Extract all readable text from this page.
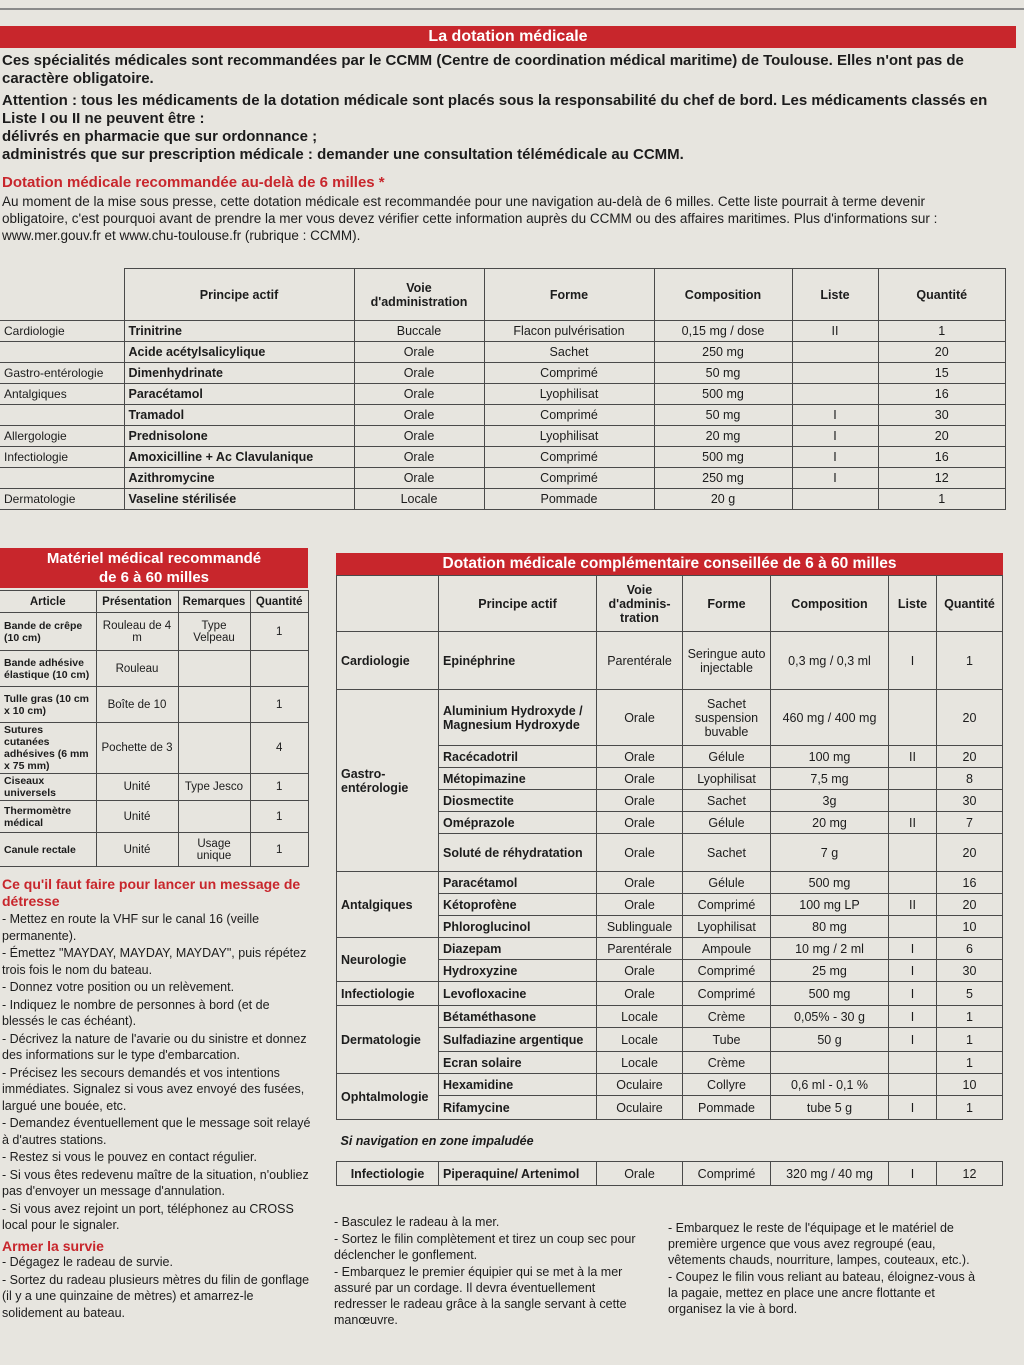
La dotation médicale
Ces spécialités médicales sont recommandées par le CCMM (Centre de coordination médical maritime) de Toulouse. Elles n'ont pas de caractère obligatoire.
Attention : tous les médicaments de la dotation médicale sont placés sous la responsabilité du chef de bord. Les médicaments classés en Liste I ou II ne peuvent être :
délivrés en pharmacie que sur ordonnance ;
administrés que sur prescription médicale : demander une consultation télémédicale au CCMM.
Dotation médicale recommandée au-delà de 6 milles *
Au moment de la mise sous presse, cette dotation médicale est recommandée pour une navigation au-delà de 6 milles. Cette liste pourrait à terme devenir obligatoire, c'est pourquoi avant de prendre la mer vous devez vérifier cette information auprès du CCMM ou des affaires maritimes. Plus d'informations sur : www.mer.gouv.fr et www.chu-toulouse.fr (rubrique : CCMM).
	Principe actif	Voie d'administration	Forme	Composition	Liste	Quantité
Cardiologie	Trinitrine	Buccale	Flacon pulvérisation	0,15 mg / dose	II	1
	Acide acétylsalicylique	Orale	Sachet	250 mg		20
Gastro-entérologie	Dimenhydrinate	Orale	Comprimé	50 mg		15
Antalgiques	Paracétamol	Orale	Lyophilisat	500 mg		16
	Tramadol	Orale	Comprimé	50 mg	I	30
Allergologie	Prednisolone	Orale	Lyophilisat	20 mg	I	20
Infectiologie	Amoxicilline + Ac Clavulanique	Orale	Comprimé	500 mg	I	16
	Azithromycine	Orale	Comprimé	250 mg	I	12
Dermatologie	Vaseline stérilisée	Locale	Pommade	20 g		1
Matériel médical recommandé
de 6 à 60 milles
Article	Présentation	Remarques	Quantité
Bande de crêpe (10 cm)	Rouleau de 4 m	Type Velpeau	1
Bande adhésive élastique (10 cm)	Rouleau		
Tulle gras (10 cm x 10 cm)	Boîte de 10		1
Sutures cutanées adhésives (6 mm x 75 mm)	Pochette de 3		4
Ciseaux universels	Unité	Type Jesco	1
Thermomètre médical	Unité		1
Canule rectale	Unité	Usage unique	1
Dotation médicale complémentaire conseillée de 6 à 60 milles
	Principe actif	Voie d'adminis-tration	Forme	Composition	Liste	Quantité
Cardiologie	Epinéphrine	Parentérale	Seringue auto injectable	0,3 mg / 0,3 ml	I	1
Gastro-entérologie	Aluminium Hydroxyde / Magnesium Hydroxyde	Orale	Sachet suspension buvable	460 mg / 400 mg		20
	Racécadotril	Orale	Gélule	100 mg	II	20
	Métopimazine	Orale	Lyophilisat	7,5 mg		8
	Diosmectite	Orale	Sachet	3g		30
	Oméprazole	Orale	Gélule	20 mg	II	7
	Soluté de réhydratation	Orale	Sachet	7 g		20
Antalgiques	Paracétamol	Orale	Gélule	500 mg		16
	Kétoprofène	Orale	Comprimé	100 mg LP	II	20
	Phloroglucinol	Sublinguale	Lyophilisat	80 mg		10
Neurologie	Diazepam	Parentérale	Ampoule	10 mg / 2 ml	I	6
	Hydroxyzine	Orale	Comprimé	25 mg	I	30
Infectiologie	Levofloxacine	Orale	Comprimé	500 mg	I	5
Dermatologie	Bétaméthasone	Locale	Crème	0,05% - 30 g	I	1
	Sulfadiazine argentique	Locale	Tube	50 g	I	1
	Ecran solaire	Locale	Crème			1
Ophtalmologie	Hexamidine	Oculaire	Collyre	0,6 ml - 0,1 %		10
	Rifamycine	Oculaire	Pommade	tube 5 g	I	1
Si navigation en zone impaludée						
Infectiologie	Piperaquine/ Artenimol	Orale	Comprimé	320 mg / 40 mg	I	12
Ce qu'il faut faire pour lancer un message de détresse

- Mettez en route la VHF sur le canal 16 (veille permanente).

- Émettez "MAYDAY, MAYDAY, MAYDAY", puis répétez trois fois le nom du bateau.

- Donnez votre position ou un relèvement.

- Indiquez le nombre de personnes à bord (et de blessés le cas échéant).

- Décrivez la nature de l'avarie ou du sinistre et donnez des informations sur le type d'embarcation.

- Précisez les secours demandés et vos intentions immédiates. Signalez si vous avez envoyé des fusées, largué une bouée, etc.

- Demandez éventuellement que le message soit relayé à d'autres stations.

- Restez si vous le pouvez en contact régulier.

- Si vous êtes redevenu maître de la situation, n'oubliez pas d'envoyer un message d'annulation.

- Si vous avez rejoint un port, téléphonez au CROSS local pour le signaler.

Armer la survie

- Dégagez le radeau de survie.

- Sortez du radeau plusieurs mètres du filin de gonflage (il y a une quinzaine de mètres) et amarrez-le solidement au bateau.

- Basculez le radeau à la mer.

- Sortez le filin complètement et tirez un coup sec pour déclencher le gonflement.

- Embarquez le premier équipier qui se met à la mer assuré par un cordage. Il devra éventuellement redresser le radeau grâce à la sangle servant à cette manœuvre.

- Embarquez le reste de l'équipage et le matériel de première urgence que vous avez regroupé (eau, vêtements chauds, nourriture, lampes, couteaux, etc.).

- Coupez le filin vous reliant au bateau, éloignez-vous à la pagaie, mettez en place une ancre flottante et organisez la vie à bord.
